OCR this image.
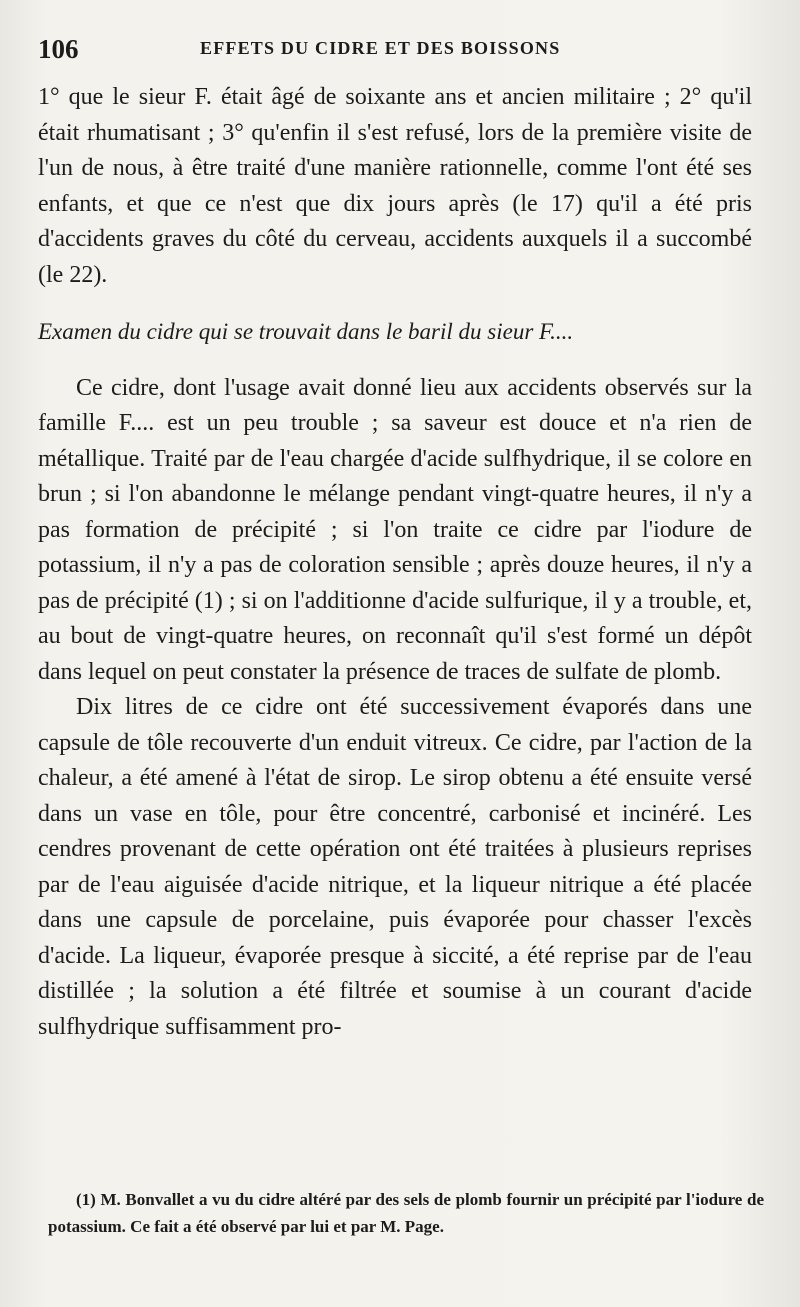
106	EFFETS DU CIDRE ET DES BOISSONS

1° que le sieur F. était âgé de soixante ans et ancien militaire ; 2° qu'il était rhumatisant ; 3° qu'enfin il s'est refusé, lors de la première visite de l'un de nous, à être traité d'une manière rationnelle, comme l'ont été ses enfants, et que ce n'est que dix jours après (le 17) qu'il a été pris d'accidents graves du côté du cerveau, accidents auxquels il a succombé (le 22).

Examen du cidre qui se trouvait dans le baril du sieur F....

Ce cidre, dont l'usage avait donné lieu aux accidents observés sur la famille F.... est un peu trouble ; sa saveur est douce et n'a rien de métallique. Traité par de l'eau chargée d'acide sulfhydrique, il se colore en brun ; si l'on abandonne le mélange pendant vingt-quatre heures, il n'y a pas formation de précipité ; si l'on traite ce cidre par l'iodure de potassium, il n'y a pas de coloration sensible ; après douze heures, il n'y a pas de précipité (1) ; si on l'additionne d'acide sulfurique, il y a trouble, et, au bout de vingt-quatre heures, on reconnaît qu'il s'est formé un dépôt dans lequel on peut constater la présence de traces de sulfate de plomb.

Dix litres de ce cidre ont été successivement évaporés dans une capsule de tôle recouverte d'un enduit vitreux. Ce cidre, par l'action de la chaleur, a été amené à l'état de sirop. Le sirop obtenu a été ensuite versé dans un vase en tôle, pour être concentré, carbonisé et incinéré. Les cendres provenant de cette opération ont été traitées à plusieurs reprises par de l'eau aiguisée d'acide nitrique, et la liqueur nitrique a été placée dans une capsule de porcelaine, puis évaporée pour chasser l'excès d'acide. La liqueur, évaporée presque à siccité, a été reprise par de l'eau distillée ; la solution a été filtrée et soumise à un courant d'acide sulfhydrique suffisamment pro-

(1) M. Bonvallet a vu du cidre altéré par des sels de plomb fournir un précipité par l'iodure de potassium. Ce fait a été observé par lui et par M. Page.
